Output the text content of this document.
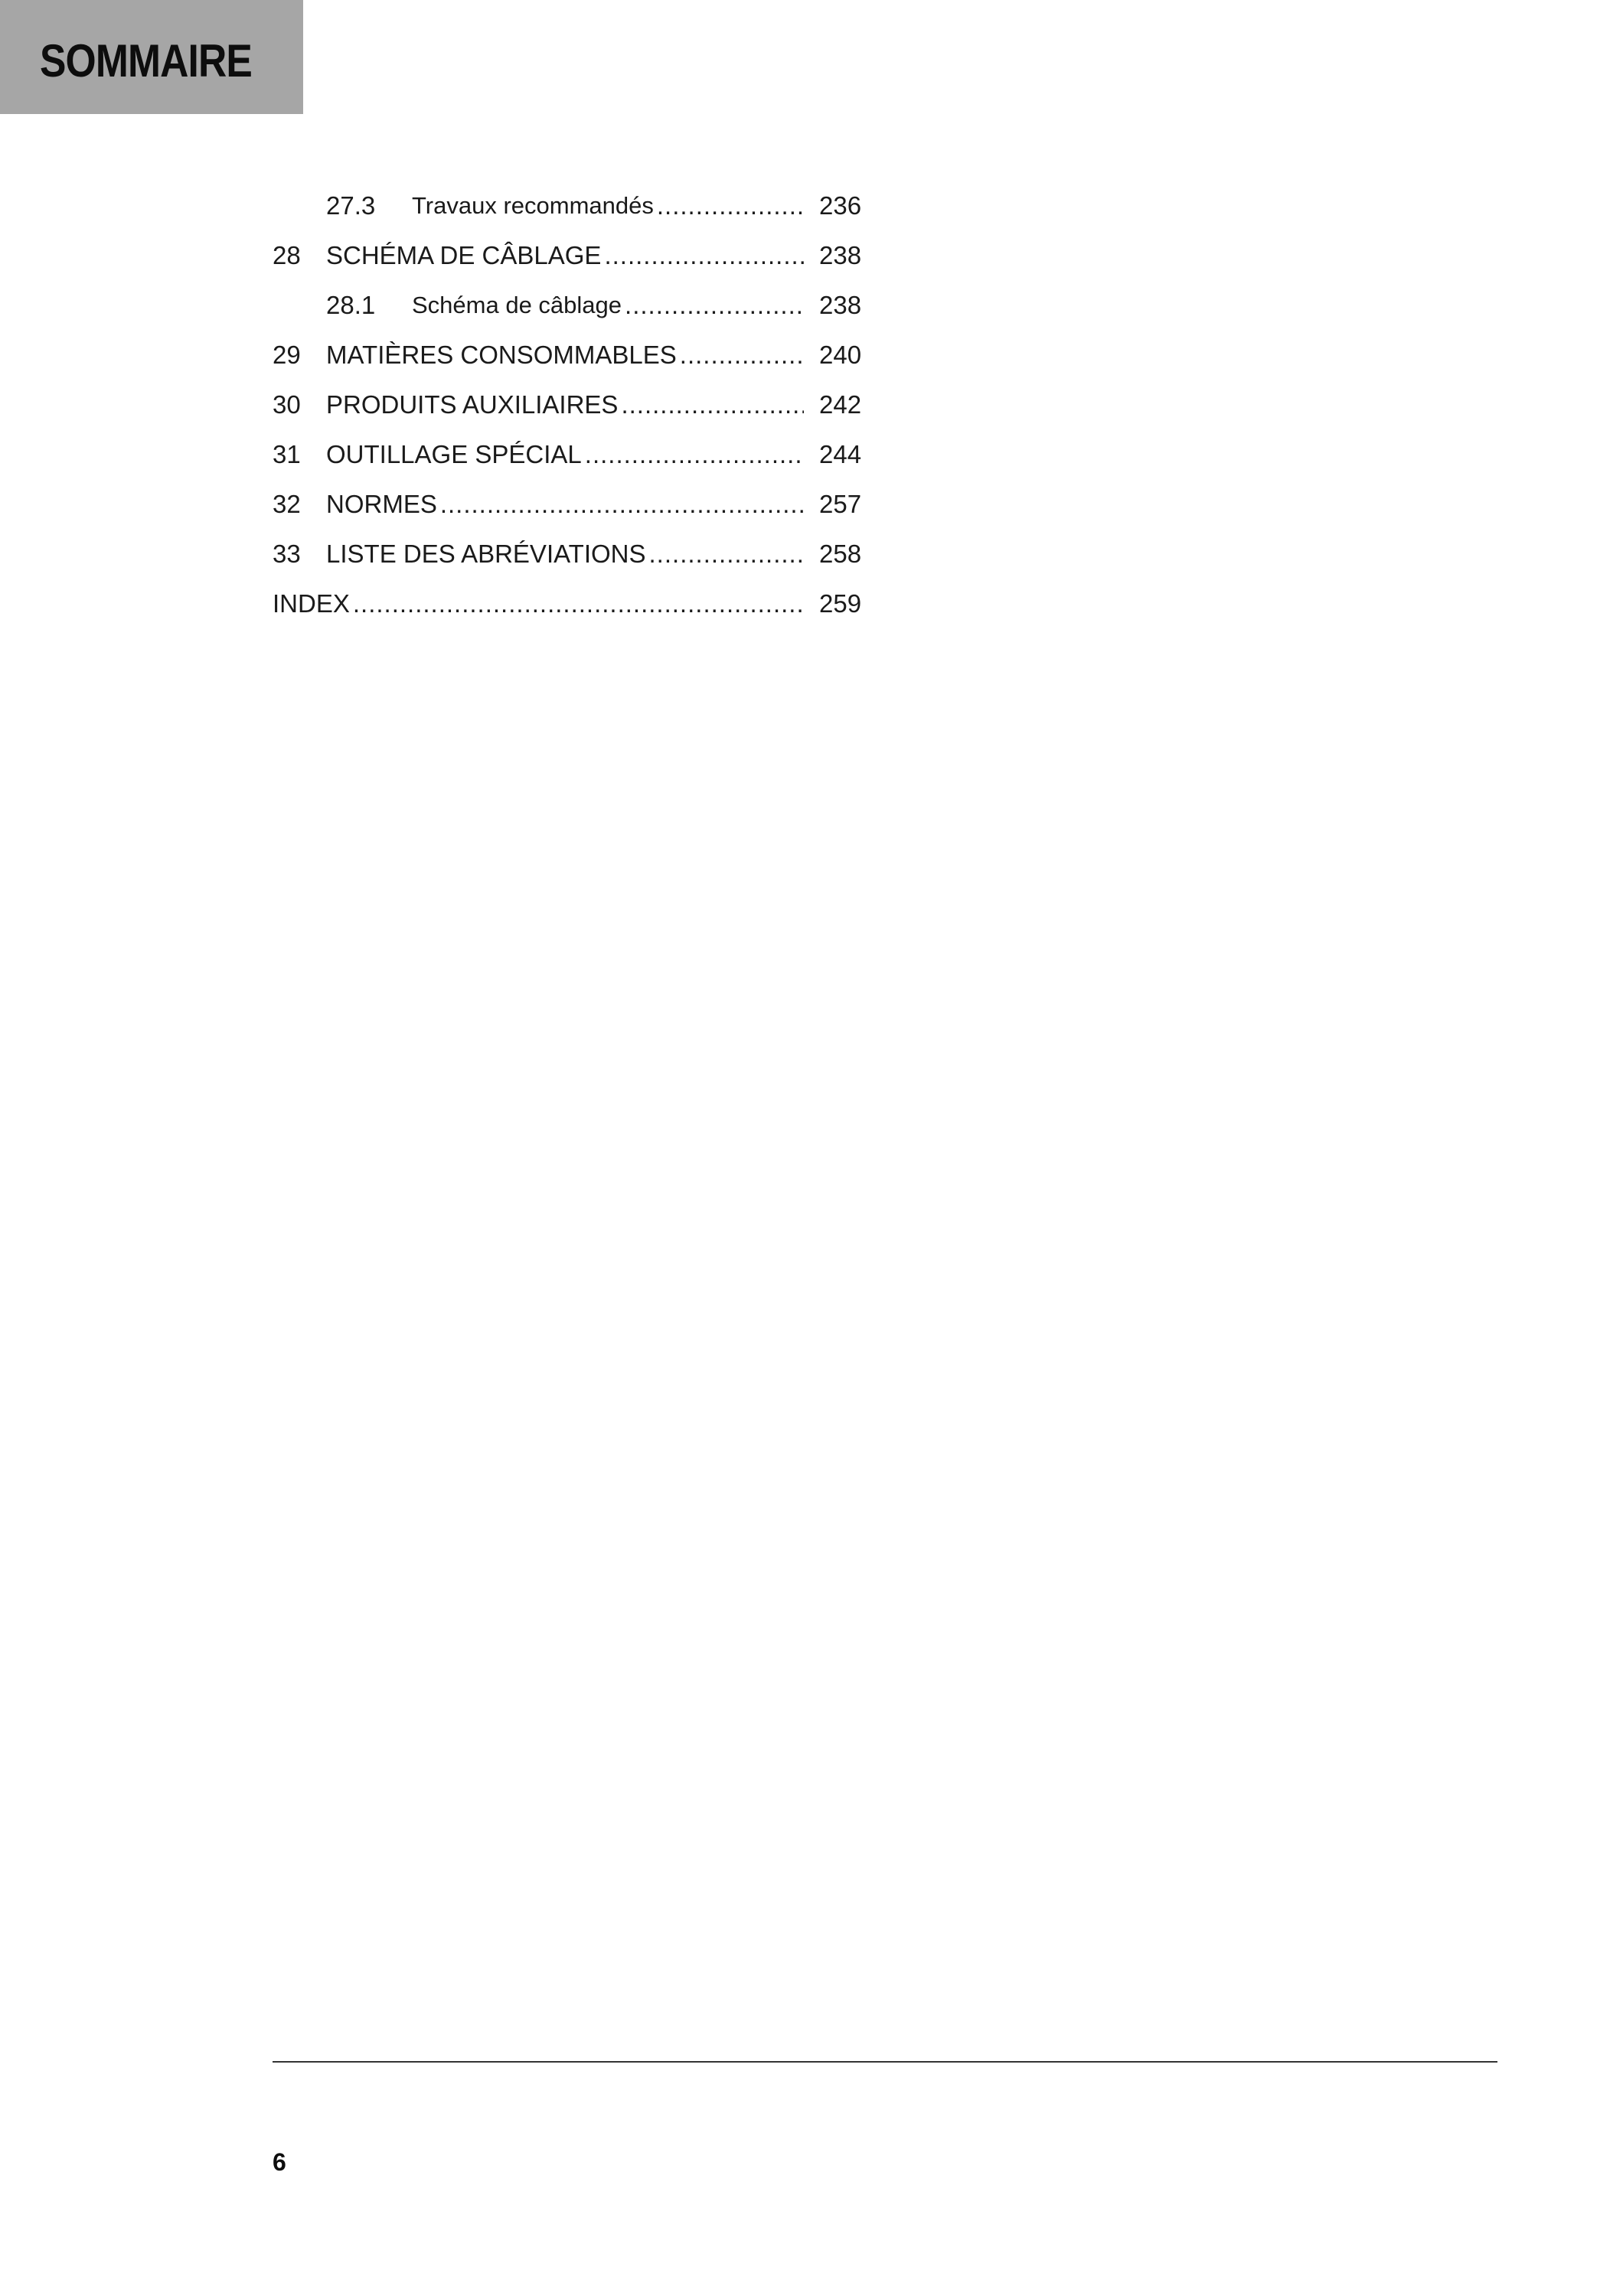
SOMMAIRE
27.3	Travaux recommandés .....	236
28	SCHÉMA DE CÂBLAGE .....	238
28.1	Schéma de câblage .....	238
29	MATIÈRES CONSOMMABLES .....	240
30	PRODUITS AUXILIAIRES .....	242
31	OUTILLAGE SPÉCIAL .....	244
32	NORMES .....	257
33	LISTE DES ABRÉVIATIONS .....	258
INDEX .....	259
6
